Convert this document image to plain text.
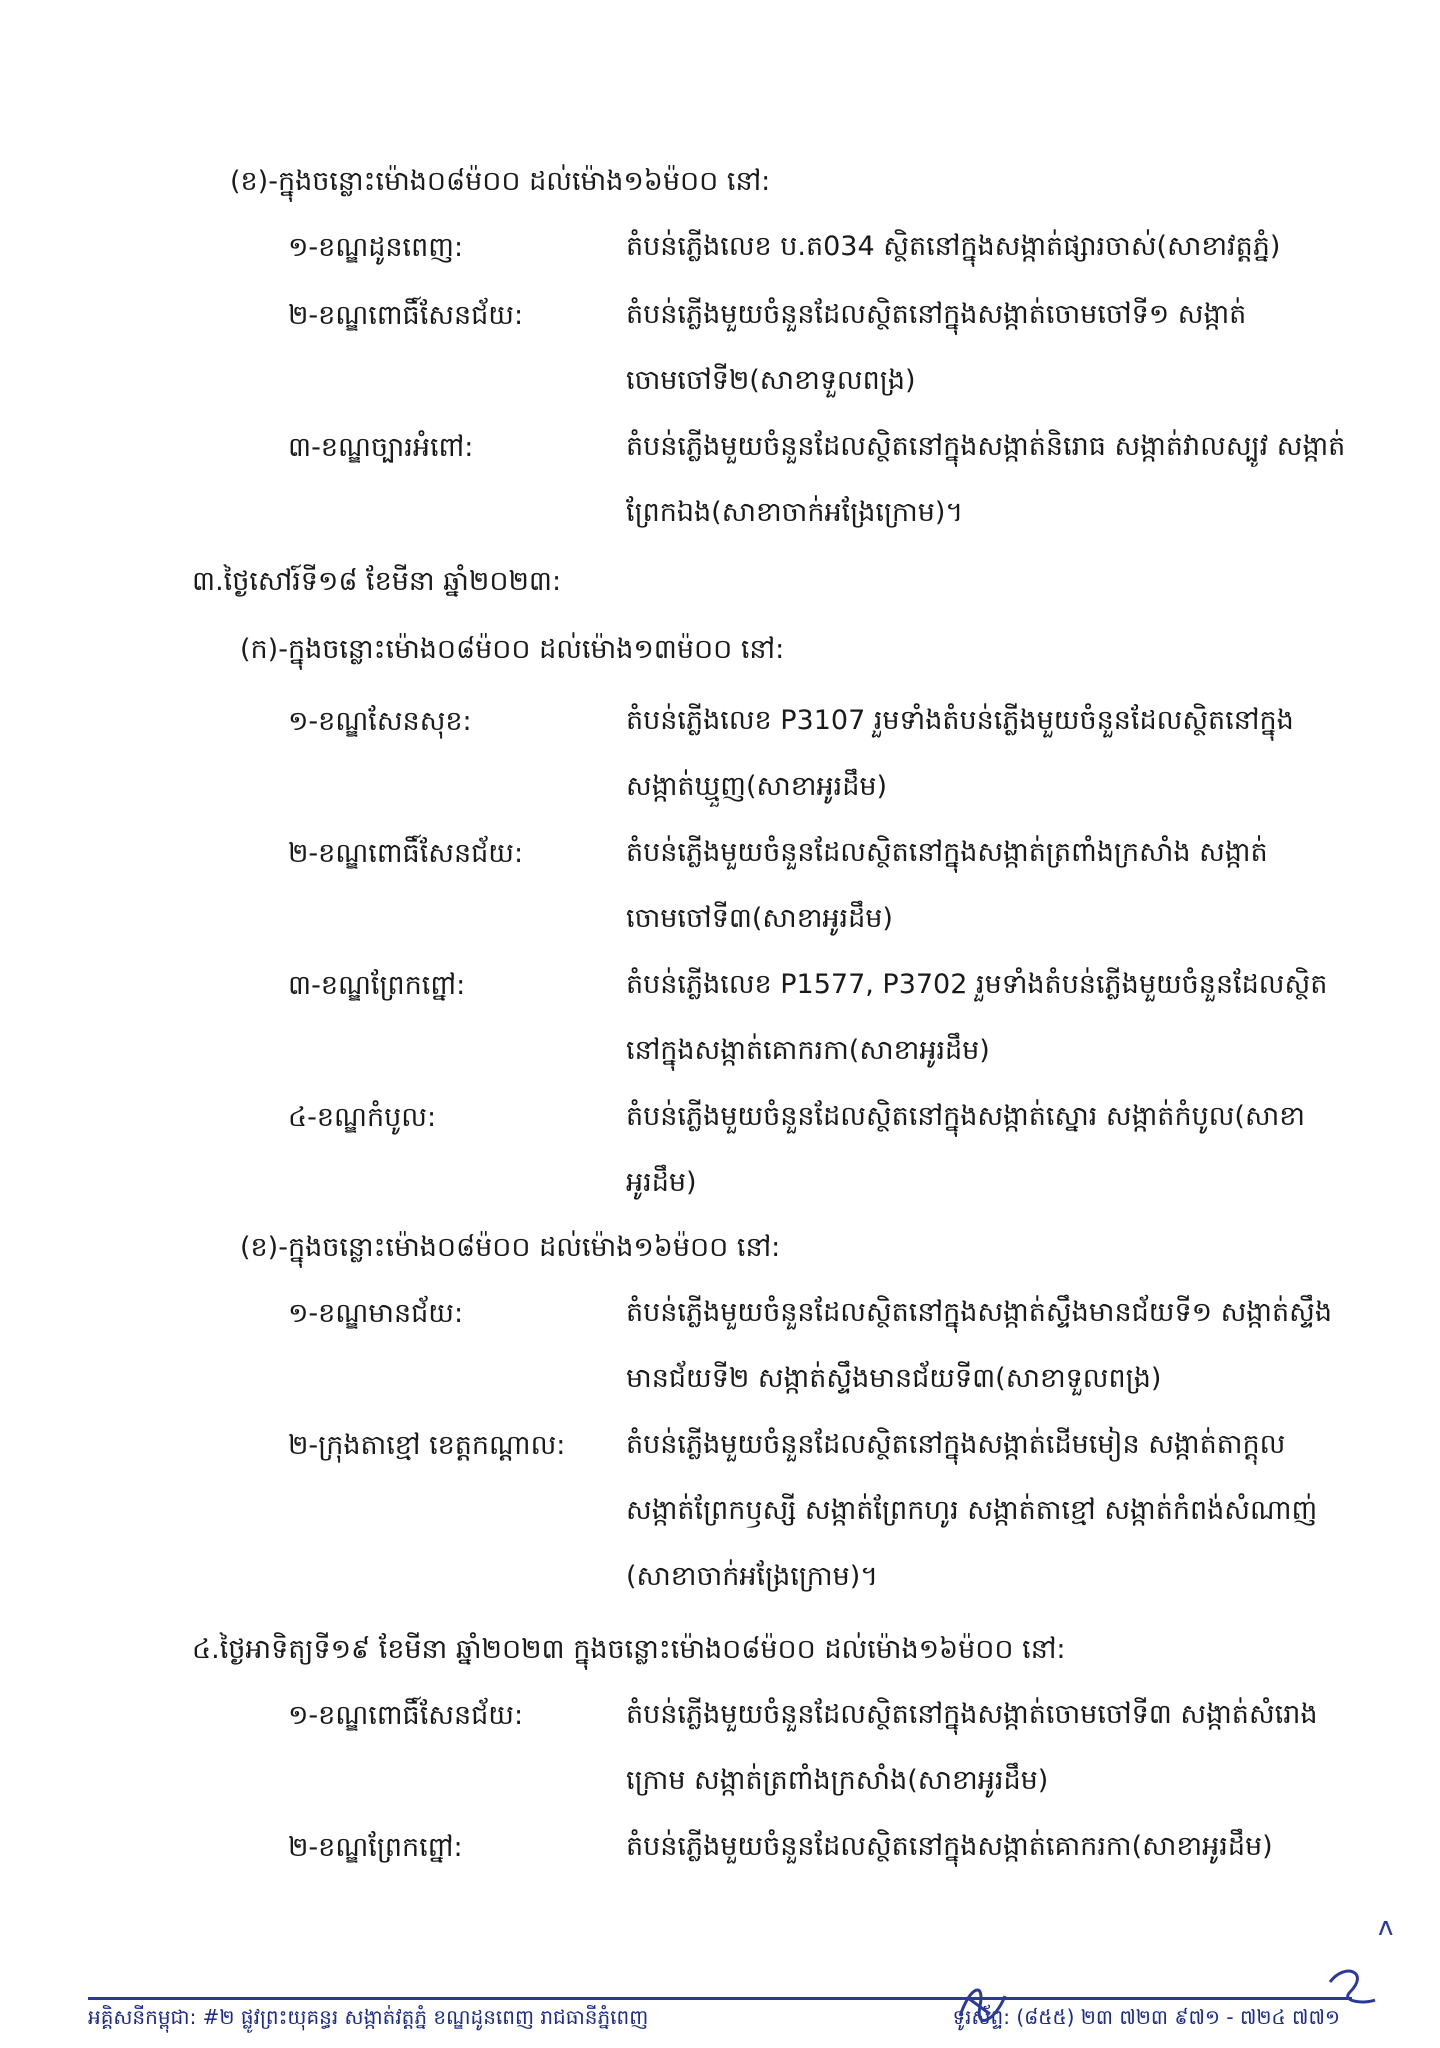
(ខ)-ក្នុងចន្លោះម៉ោង០៨ម៉០០ ដល់ម៉ោង១៦ម៉០០ នៅ:
១-ខណ្ឌដូនពេញ:	តំបន់ភ្លើងលេខ ប.ត034 ស្ថិតនៅក្នុងសង្កាត់ផ្សារចាស់(សាខាវត្តភ្នំ)
២-ខណ្ឌពោធិ៍សែនជ័យ:	តំបន់ភ្លើងមួយចំនួនដែលស្ថិតនៅក្នុងសង្កាត់ចោមចៅទី១ សង្កាត់ចោមចៅទី២(សាខាទួលពង្រ)
៣-ខណ្ឌច្បារអំពៅ:	តំបន់ភ្លើងមួយចំនួនដែលស្ថិតនៅក្នុងសង្កាត់និរោធ សង្កាត់វាលស្បូវ សង្កាត់ព្រែកឯង(សាខាចាក់អង្រែក្រោម)។
៣.ថ្ងៃសៅរ៍ទី១៨ ខែមីនា ឆ្នាំ២០២៣:
(ក)-ក្នុងចន្លោះម៉ោង០៨ម៉០០ ដល់ម៉ោង១៣ម៉០០ នៅ:
១-ខណ្ឌសែនសុខ:	តំបន់ភ្លើងលេខ P3107 រួមទាំងតំបន់ភ្លើងមួយចំនួនដែលស្ថិតនៅក្នុងសង្កាត់ឃ្មួញ(សាខាអូរដឹម)
២-ខណ្ឌពោធិ៍សែនជ័យ:	តំបន់ភ្លើងមួយចំនួនដែលស្ថិតនៅក្នុងសង្កាត់ត្រពាំងក្រសាំង សង្កាត់ចោមចៅទី៣(សាខាអូរដឹម)
៣-ខណ្ឌព្រែកព្នៅ:	តំបន់ភ្លើងលេខ P1577, P3702 រួមទាំងតំបន់ភ្លើងមួយចំនួនដែលស្ថិតនៅក្នុងសង្កាត់គោករកា(សាខាអូរដឹម)
៤-ខណ្ឌកំបូល:	តំបន់ភ្លើងមួយចំនួនដែលស្ថិតនៅក្នុងសង្កាត់ស្នោរ សង្កាត់កំបូល(សាខាអូរដឹម)
(ខ)-ក្នុងចន្លោះម៉ោង០៨ម៉០០ ដល់ម៉ោង១៦ម៉០០ នៅ:
១-ខណ្ឌមានជ័យ:	តំបន់ភ្លើងមួយចំនួនដែលស្ថិតនៅក្នុងសង្កាត់ស្ទឹងមានជ័យទី១ សង្កាត់ស្ទឹងមានជ័យទី២ សង្កាត់ស្ទឹងមានជ័យទី៣(សាខាទួលពង្រ)
២-ក្រុងតាខ្មៅ ខេត្តកណ្ដាល: តំបន់ភ្លើងមួយចំនួនដែលស្ថិតនៅក្នុងសង្កាត់ដើមមៀន សង្កាត់តាក្ដុល សង្កាត់ព្រែកឫស្សី សង្កាត់ព្រែកហូរ សង្កាត់តាខ្មៅ សង្កាត់កំពង់សំណាញ់ (សាខាចាក់អង្រែក្រោម)។
៤.ថ្ងៃអាទិត្យទី១៩ ខែមីនា ឆ្នាំ២០២៣ ក្នុងចន្លោះម៉ោង០៨ម៉០០ ដល់ម៉ោង១៦ម៉០០ នៅ:
១-ខណ្ឌពោធិ៍សែនជ័យ:	តំបន់ភ្លើងមួយចំនួនដែលស្ថិតនៅក្នុងសង្កាត់ចោមចៅទី៣ សង្កាត់សំរោងក្រោម សង្កាត់ត្រពាំងក្រសាំង(សាខាអូរដឹម)
២-ខណ្ឌព្រែកព្នៅ:	តំបន់ភ្លើងមួយចំនួនដែលស្ថិតនៅក្នុងសង្កាត់គោករកា(សាខាអូរដឹម)
ᴧ
អគ្គិសនីកម្ពុជា: #២ ផ្លូវព្រះយុគន្ធរ សង្កាត់វត្តភ្នំ ខណ្ឌដូនពេញ រាជធានីភ្នំពេញ	ទូរស័ព្ទ: (៨៥៥) ២៣ ៧២៣ ៩៧១ - ៧២៤ ៧៧១
